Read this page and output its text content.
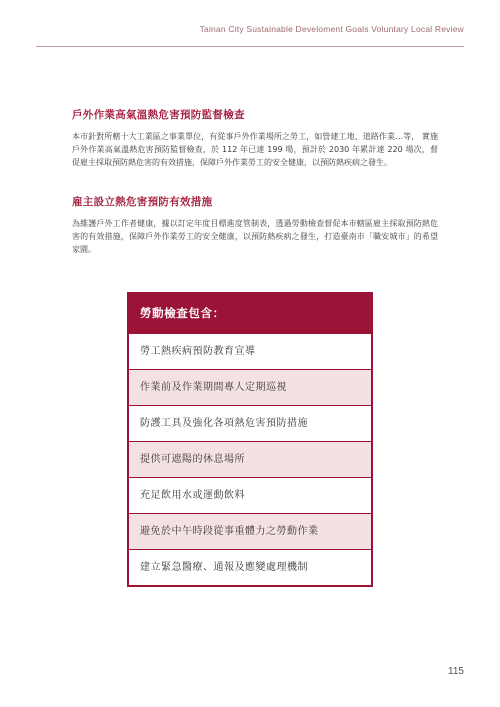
Tainan City Sustainable Develoment Goals Voluntary Local Review
戶外作業高氣溫熱危害預防監督檢查

本市針對所轄十大工業區之事業單位，有從事戶外作業場所之勞工，如營建工地、道路作業…等， 實施戶外作業高氣溫熱危害預防監督檢查，於 112 年已達 199 場，預計於 2030 年累計達 220 場次，督促雇主採取預防熱危害的有效措施，保障戶外作業勞工的安全健康，以預防熱疾病之發生。

雇主設立熱危害預防有效措施

為維護戶外工作者健康，據以訂定年度目標進度管制表，透過勞動檢查督促本市轄區雇主採取預防熱危害的有效措施，保障戶外作業勞工的安全健康，以預防熱疾病之發生，打造臺南市「職安城市」的希望家園。

勞動檢查包含：
勞工熱疾病預防教育宣導
作業前及作業期間專人定期巡視
防護工具及強化各項熱危害預防措施
提供可遮陽的休息場所
充足飲用水或運動飲料
避免於中午時段從事重體力之勞動作業
建立緊急醫療、通報及應變處理機制
115
